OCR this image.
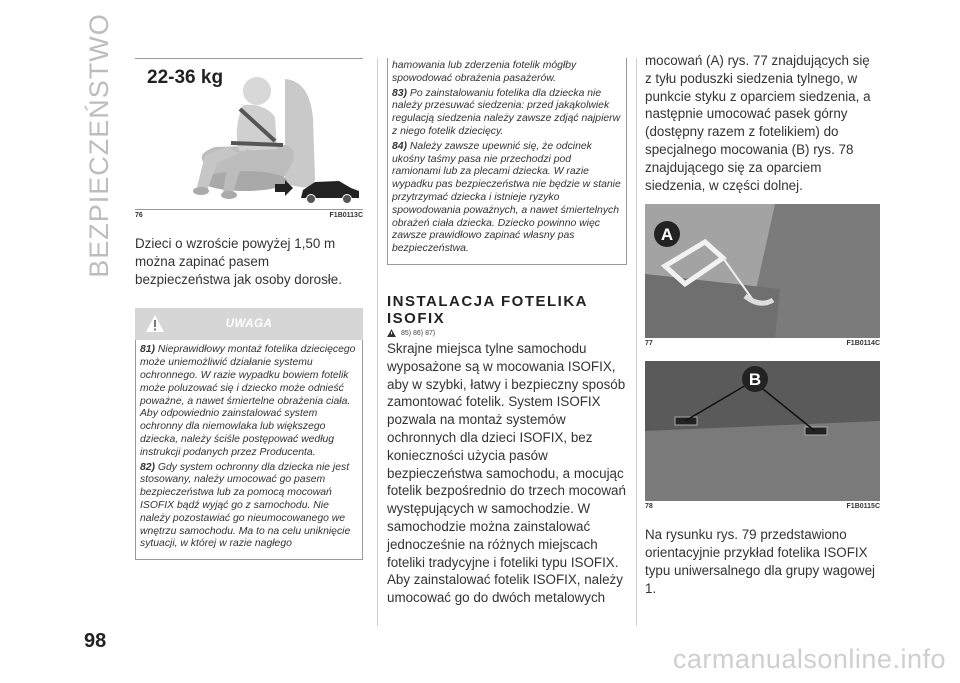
BEZPIECZEŃSTWO
98
carmanualsonline.info
22-36 kg
76	F1B0113C

Dzieci o wzroście powyżej 1,50 m można zapinać pasem bezpieczeństwa jak osoby dorosłe.

UWAGA

81) Nieprawidłowy montaż fotelika dziecięcego może uniemożliwić działanie systemu ochronnego. W razie wypadku bowiem fotelik może poluzować się i dziecko może odnieść poważne, a nawet śmiertelne obrażenia ciała. Aby odpowiednio zainstalować system ochronny dla niemowlaka lub większego dziecka, należy ściśle postępować według instrukcji podanych przez Producenta.

82) Gdy system ochronny dla dziecka nie jest stosowany, należy umocować go pasem bezpieczeństwa lub za pomocą mocowań ISOFIX bądź wyjąć go z samochodu. Nie należy pozostawiać go nieumocowanego we wnętrzu samochodu. Ma to na celu uniknięcie sytuacji, w której w razie nagłego

hamowania lub zderzenia fotelik mógłby spowodować obrażenia pasażerów.

83) Po zainstalowaniu fotelika dla dziecka nie należy przesuwać siedzenia: przed jakąkolwiek regulacją siedzenia należy zawsze zdjąć najpierw z niego fotelik dziecięcy.

84) Należy zawsze upewnić się, że odcinek ukośny taśmy pasa nie przechodzi pod ramionami lub za plecami dziecka. W razie wypadku pas bezpieczeństwa nie będzie w stanie przytrzymać dziecka i istnieje ryzyko spowodowania poważnych, a nawet śmiertelnych obrażeń ciała dziecka. Dziecko powinno więc zawsze prawidłowo zapinać własny pas bezpieczeństwa.

INSTALACJA FOTELIKA ISOFIX

85) 86) 87)

Skrajne miejsca tylne samochodu wyposażone są w mocowania ISOFIX, aby w szybki, łatwy i bezpieczny sposób zamontować fotelik. System ISOFIX pozwala na montaż systemów ochronnych dla dzieci ISOFIX, bez konieczności użycia pasów bezpieczeństwa samochodu, a mocując fotelik bezpośrednio do trzech mocowań występujących w samochodzie. W samochodzie można zainstalować jednocześnie na różnych miejscach foteliki tradycyjne i foteliki typu ISOFIX. Aby zainstalować fotelik ISOFIX, należy umocować go do dwóch metalowych

mocowań (A) rys. 77 znajdujących się z tyłu poduszki siedzenia tylnego, w punkcie styku z oparciem siedzenia, a następnie umocować pasek górny (dostępny razem z fotelikiem) do specjalnego mocowania (B) rys. 78 znajdującego się za oparciem siedzenia, w części dolnej.

A
77	F1B0114C
B
78	F1B0115C

Na rysunku rys. 79 przedstawiono orientacyjnie przykład fotelika ISOFIX typu uniwersalnego dla grupy wagowej 1.
